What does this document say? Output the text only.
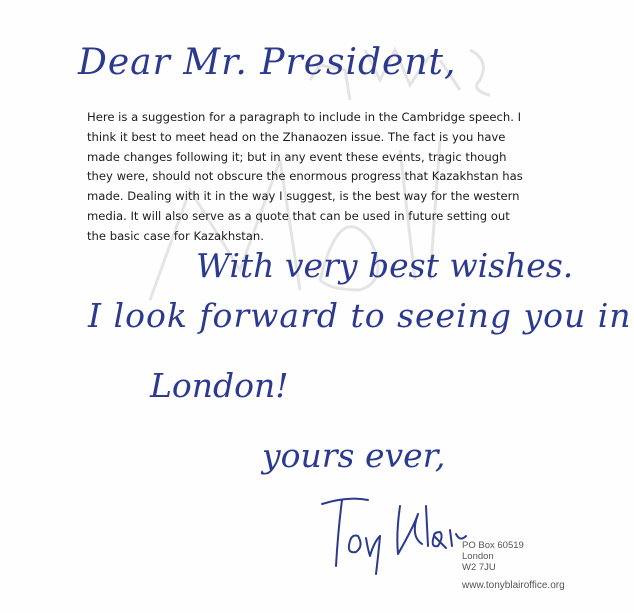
Dear Mr. President,
Here is a suggestion for a paragraph to include in the Cambridge speech. I think it best to meet head on the Zhanaozen issue. The fact is you have made changes following it; but in any event these events, tragic though they were, should not obscure the enormous progress that Kazakhstan has made. Dealing with it in the way I suggest, is the best way for the western media. It will also serve as a quote that can be used in future setting out the basic case for Kazakhstan.
With very best wishes.
I look forward to seeing you in
London!
yours ever,
PO Box 60519
London
W2 7JU
www.tonyblairoffice.org
